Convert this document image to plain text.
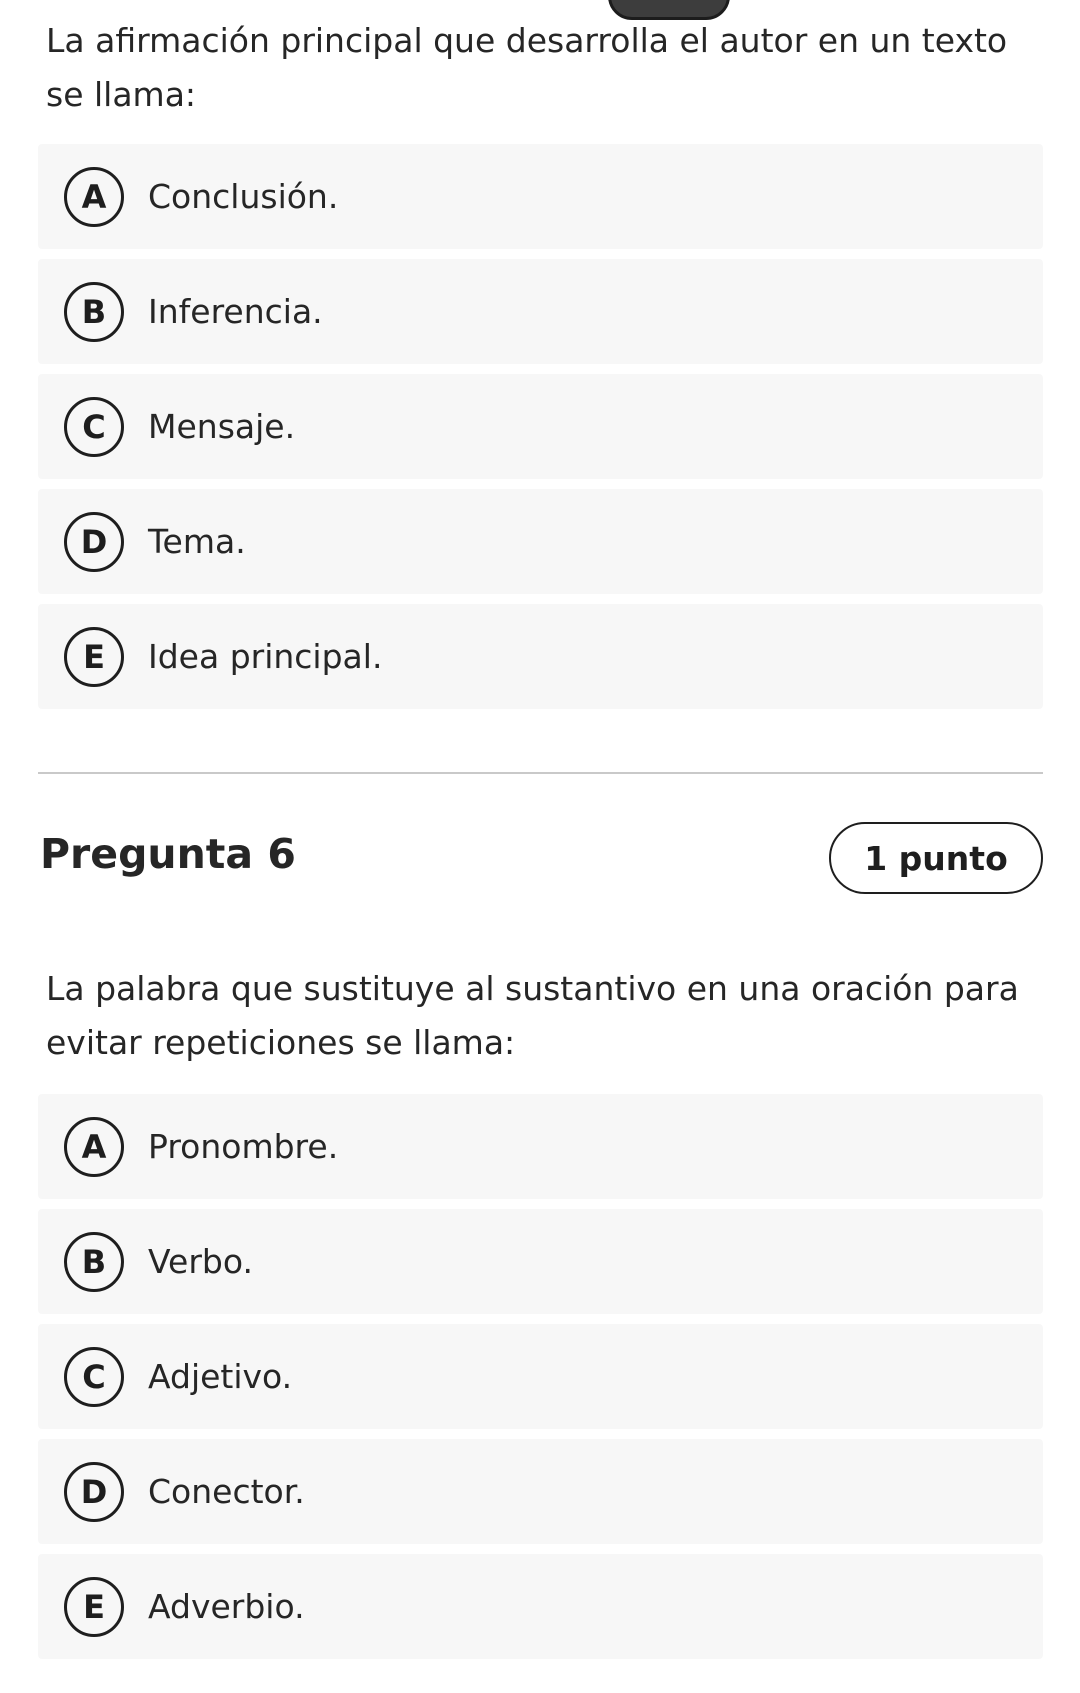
La afirmación principal que desarrolla el autor en un texto se llama:

A	Conclusión.
B	Inferencia.
C	Mensaje.
D	Tema.
E	Idea principal.
Pregunta 6	1 punto

La palabra que sustituye al sustantivo en una oración para evitar repeticiones se llama:

A	Pronombre.
B	Verbo.
C	Adjetivo.
D	Conector.
E	Adverbio.
